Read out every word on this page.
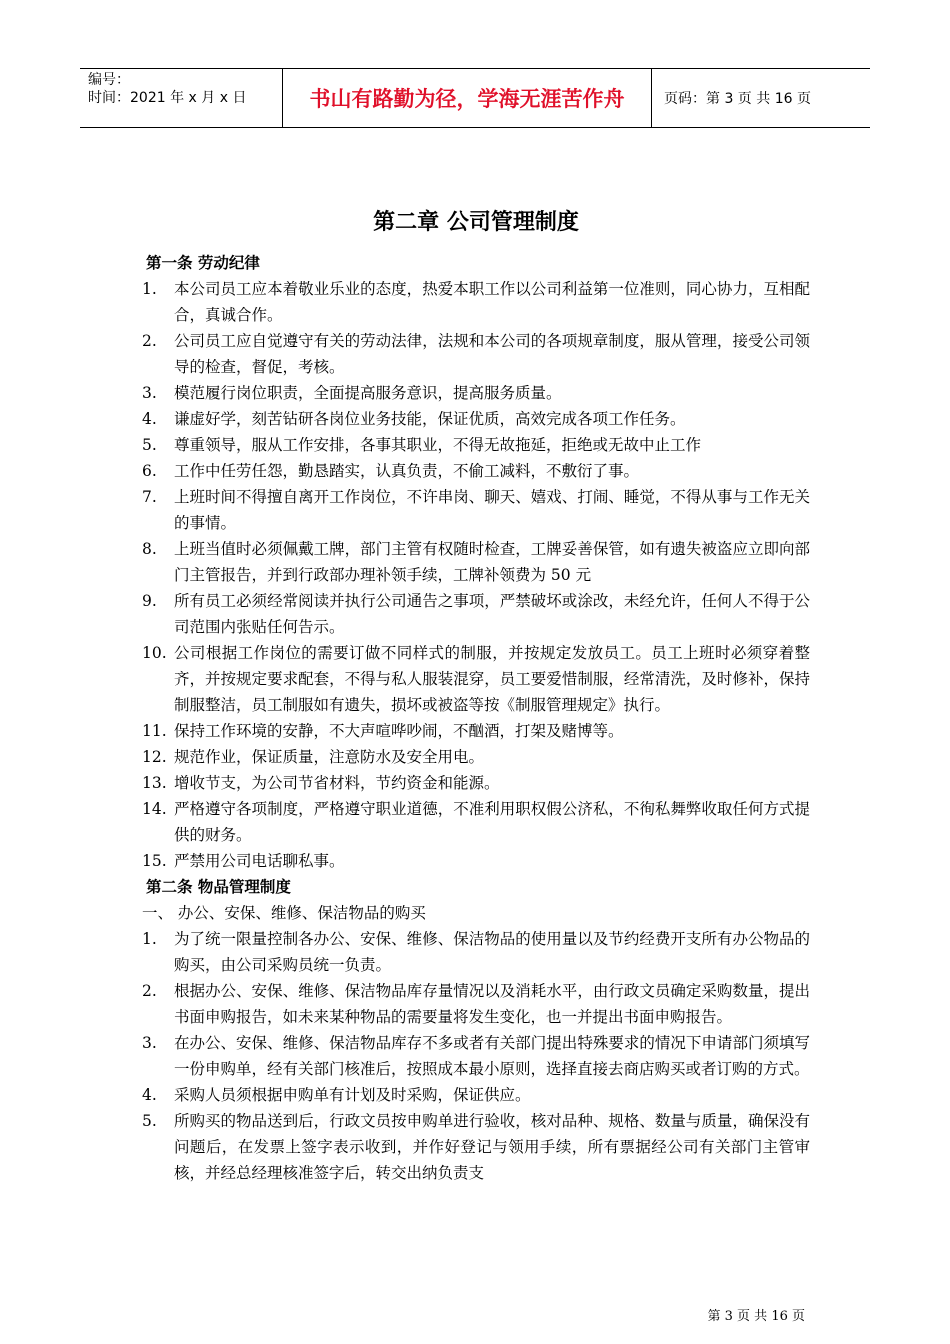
编号：
时间：2021 年 x 月 x 日	书山有路勤为径，学海无涯苦作舟	页码：第 3 页 共 16 页
第二章 公司管理制度
第一条 劳动纪律
1.	本公司员工应本着敬业乐业的态度，热爱本职工作以公司利益第一位准则，同心协力，互相配合，真诚合作。
2.	公司员工应自觉遵守有关的劳动法律，法规和本公司的各项规章制度，服从管理，接受公司领导的检查，督促，考核。
3.	模范履行岗位职责，全面提高服务意识，提高服务质量。
4.	谦虚好学，刻苦钻研各岗位业务技能，保证优质，高效完成各项工作任务。
5.	尊重领导，服从工作安排，各事其职业，不得无故拖延，拒绝或无故中止工作
6.	工作中任劳任怨，勤恳踏实，认真负责，不偷工减料，不敷衍了事。
7.	上班时间不得擅自离开工作岗位，不许串岗、聊天、嬉戏、打闹、睡觉，不得从事与工作无关的事情。
8.	上班当值时必须佩戴工牌，部门主管有权随时检查，工牌妥善保管，如有遗失被盗应立即向部门主管报告，并到行政部办理补领手续，工牌补领费为 50 元
9.	所有员工必须经常阅读并执行公司通告之事项，严禁破坏或涂改，未经允许，任何人不得于公司范围内张贴任何告示。
10. 公司根据工作岗位的需要订做不同样式的制服，并按规定发放员工。员工上班时必须穿着整齐，并按规定要求配套，不得与私人服装混穿，员工要爱惜制服，经常清洗，及时修补，保持制服整洁，员工制服如有遗失，损坏或被盗等按《制服管理规定》执行。
11. 保持工作环境的安静，不大声喧哗吵闹，不酗酒，打架及赌博等。
12. 规范作业，保证质量，注意防水及安全用电。
13. 增收节支，为公司节省材料，节约资金和能源。
14. 严格遵守各项制度，严格遵守职业道德，不准利用职权假公济私，不徇私舞弊收取任何方式提供的财务。
15. 严禁用公司电话聊私事。
第二条 物品管理制度

一、 办公、安保、维修、保洁物品的购买

1.	为了统一限量控制各办公、安保、维修、保洁物品的使用量以及节约经费开支所有办公物品的购买，由公司采购员统一负责。
2.	根据办公、安保、维修、保洁物品库存量情况以及消耗水平，由行政文员确定采购数量，提出书面申购报告，如未来某种物品的需要量将发生变化，也一并提出书面申购报告。
3.	在办公、安保、维修、保洁物品库存不多或者有关部门提出特殊要求的情况下申请部门须填写一份申购单，经有关部门核准后，按照成本最小原则，选择直接去商店购买或者订购的方式。
4.	采购人员须根据申购单有计划及时采购，保证供应。
5.	所购买的物品送到后，行政文员按申购单进行验收，核对品种、规格、数量与质量，确保没有问题后，在发票上签字表示收到，并作好登记与领用手续，所有票据经公司有关部门主管审核，并经总经理核准签字后，转交出纳负责支
第 3 页 共 16 页
